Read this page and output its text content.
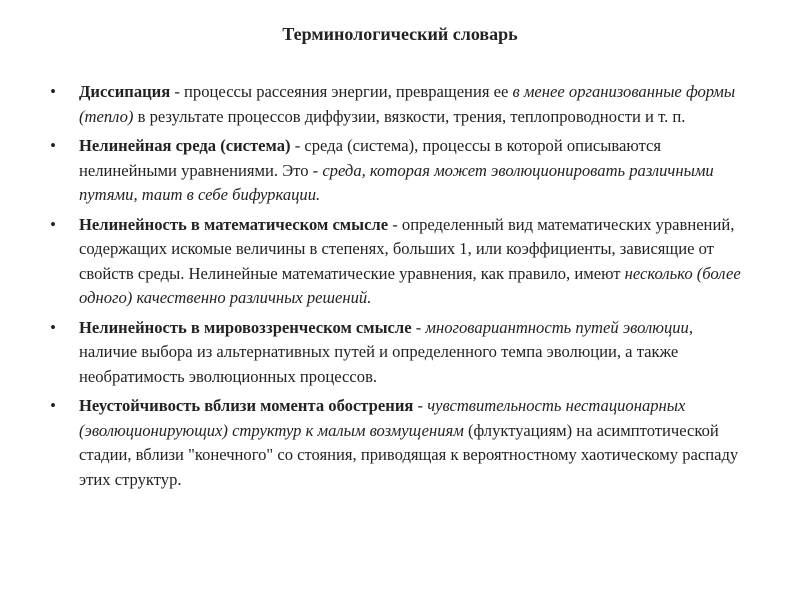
Терминологический словарь
• Диссипация - процессы рассеяния энергии, превращения ее в менее организованные формы (тепло) в результате процессов диффузии, вязкости, трения, теплопроводности и т. п.
• Нелинейная среда (система) - среда (система), процессы в которой описываются нелинейными уравнениями. Это - среда, которая может эволюционировать различными путями, таит в себе бифуркации.
• Нелинейность в математическом смысле - определенный вид математических уравнений, содержащих искомые величины в степенях, больших 1, или коэффициенты, зависящие от свойств среды. Нелинейные математические уравнения, как правило, имеют несколько (более одного) качественно различных решений.
• Нелинейность в мировоззренческом смысле - многовариантность путей эволюции, наличие выбора из альтернативных путей и определенного темпа эволюции, а также необратимость эволюционных процессов.
• Неустойчивость вблизи момента обострения - чувствительность нестационарных (эволюционирующих) структур к малым возмущениям (флуктуациям) на асимптотической стадии, вблизи "конечного" со стояния, приводящая к вероятностному хаотическому распаду этих структур.
